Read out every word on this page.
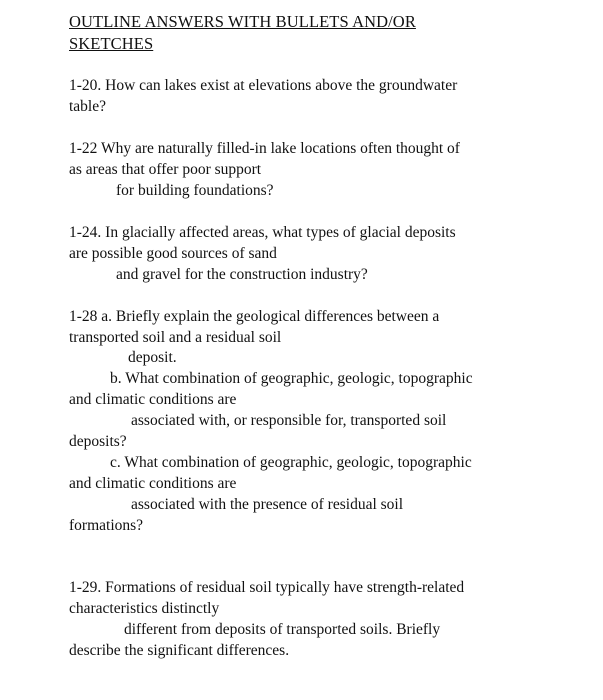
OUTLINE ANSWERS WITH BULLETS AND/OR
SKETCHES
1-20. How can lakes exist at elevations above the groundwater
table?
1-22 Why are naturally filled-in lake locations often thought of
as areas that offer poor support
for building foundations?
1-24. In glacially affected areas, what types of glacial deposits
are possible good sources of sand
and gravel for the construction industry?
1-28 a. Briefly explain the geological differences between a
transported soil and a residual soil
deposit.
b. What combination of geographic, geologic, topographic
and climatic conditions are
associated with, or responsible for, transported soil
deposits?
c. What combination of geographic, geologic, topographic
and climatic conditions are
associated with the presence of residual soil
formations?
1-29. Formations of residual soil typically have strength-related
characteristics distinctly
different from deposits of transported soils. Briefly
describe the significant differences.
